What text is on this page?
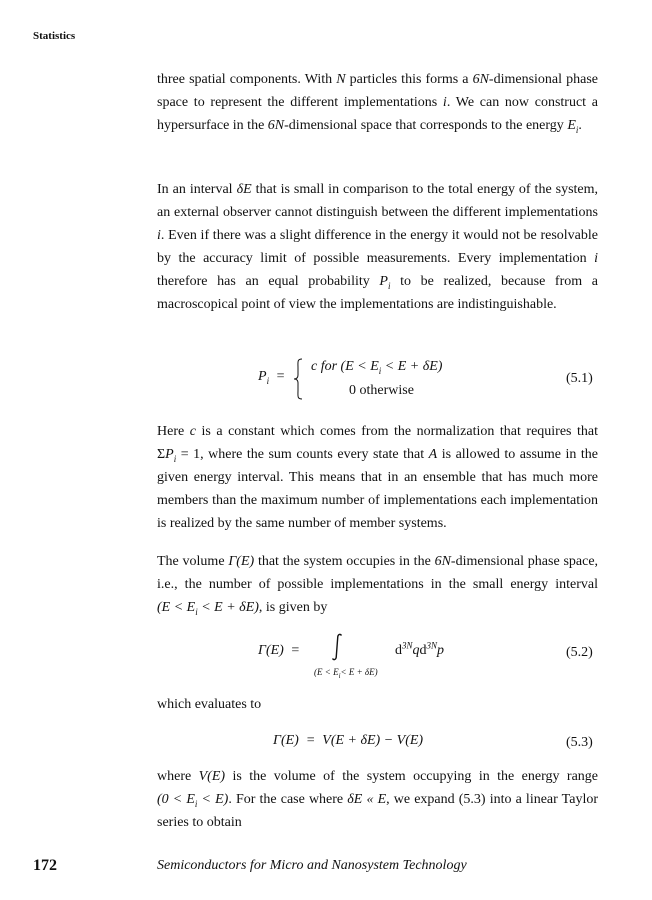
Statistics
three spatial components. With N particles this forms a 6N-dimensional phase space to represent the different implementations i. We can now construct a hypersurface in the 6N-dimensional space that corresponds to the energy $E_i$.
In an interval δE that is small in comparison to the total energy of the system, an external observer cannot distinguish between the different implementations i. Even if there was a slight difference in the energy it would not be resolvable by the accuracy limit of possible measurements. Every implementation i therefore has an equal probability $P_i$ to be realized, because from a macroscopical point of view the implementations are indistinguishable.
$P_i$ =
c for $(E < E_i < E + \delta E)$
0 otherwise
(5.1)
Here c is a constant which comes from the normalization that requires that $\Sigma P_i = 1$, where the sum counts every state that A is allowed to assume in the given energy interval. This means that in an ensemble that has much more members than the maximum number of implementations each implementation is realized by the same number of member systems.
The volume Γ(E) that the system occupies in the 6N-dimensional phase space, i.e., the number of possible implementations in the small energy interval $(E < E_i < E + \delta E)$, is given by
Γ(E) =	$d^{3N}qd^{3N}p$
$(E < E_i< E + \delta E)$
(5.2)
which evaluates to
Γ(E)  =  V(E + δE) − V(E)	(5.3)
where V(E) is the volume of the system occupying in the energy range $(0 < E_i < E)$. For the case where δE « E, we expand (5.3) into a linear Taylor series to obtain
172	Semiconductors for Micro and Nanosystem Technology
